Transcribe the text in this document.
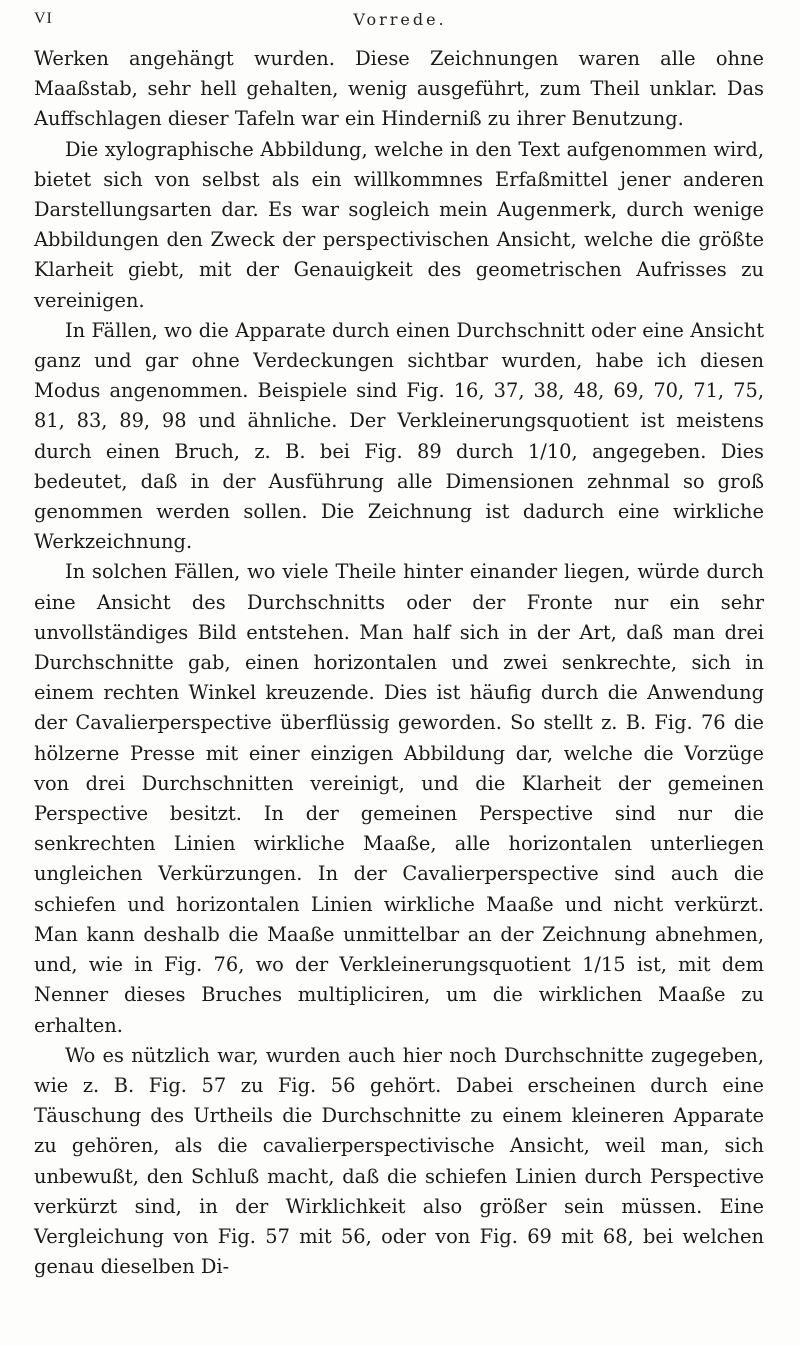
VI	Vorrede.

Werken angehängt wurden. Diese Zeichnungen waren alle ohne Maaßstab, sehr hell gehalten, wenig ausgeführt, zum Theil unklar. Das Auffschlagen dieser Tafeln war ein Hinderniß zu ihrer Benutzung.

Die xylographische Abbildung, welche in den Text aufgenommen wird, bietet sich von selbst als ein willkommnes Erfaßmittel jener anderen Darstellungsarten dar. Es war sogleich mein Augenmerk, durch wenige Abbildungen den Zweck der perspectivischen Ansicht, welche die größte Klarheit giebt, mit der Genauigkeit des geometrischen Aufrisses zu vereinigen.

In Fällen, wo die Apparate durch einen Durchschnitt oder eine Ansicht ganz und gar ohne Verdeckungen sichtbar wurden, habe ich diesen Modus angenommen. Beispiele sind Fig. 16, 37, 38, 48, 69, 70, 71, 75, 81, 83, 89, 98 und ähnliche. Der Verkleinerungsquotient ist meistens durch einen Bruch, z. B. bei Fig. 89 durch 1/10, angegeben. Dies bedeutet, daß in der Ausführung alle Dimensionen zehnmal so groß genommen werden sollen. Die Zeichnung ist dadurch eine wirkliche Werkzeichnung.

In solchen Fällen, wo viele Theile hinter einander liegen, würde durch eine Ansicht des Durchschnitts oder der Fronte nur ein sehr unvollständiges Bild entstehen. Man half sich in der Art, daß man drei Durchschnitte gab, einen horizontalen und zwei senkrechte, sich in einem rechten Winkel kreuzende. Dies ist häufig durch die Anwendung der Cavalierperspective überflüssig geworden. So stellt z. B. Fig. 76 die hölzerne Presse mit einer einzigen Abbildung dar, welche die Vorzüge von drei Durchschnitten vereinigt, und die Klarheit der gemeinen Perspective besitzt. In der gemeinen Perspective sind nur die senkrechten Linien wirkliche Maaße, alle horizontalen unterliegen ungleichen Verkürzungen. In der Cavalierperspective sind auch die schiefen und horizontalen Linien wirkliche Maaße und nicht verkürzt. Man kann deshalb die Maaße unmittelbar an der Zeichnung abnehmen, und, wie in Fig. 76, wo der Verkleinerungsquotient 1/15 ist, mit dem Nenner dieses Bruches multipliciren, um die wirklichen Maaße zu erhalten.

Wo es nützlich war, wurden auch hier noch Durchschnitte zugegeben, wie z. B. Fig. 57 zu Fig. 56 gehört. Dabei erscheinen durch eine Täuschung des Urtheils die Durchschnitte zu einem kleineren Apparate zu gehören, als die cavalierperspectivische Ansicht, weil man, sich unbewußt, den Schluß macht, daß die schiefen Linien durch Perspective verkürzt sind, in der Wirklichkeit also größer sein müssen. Eine Vergleichung von Fig. 57 mit 56, oder von Fig. 69 mit 68, bei welchen genau dieselben Di-
